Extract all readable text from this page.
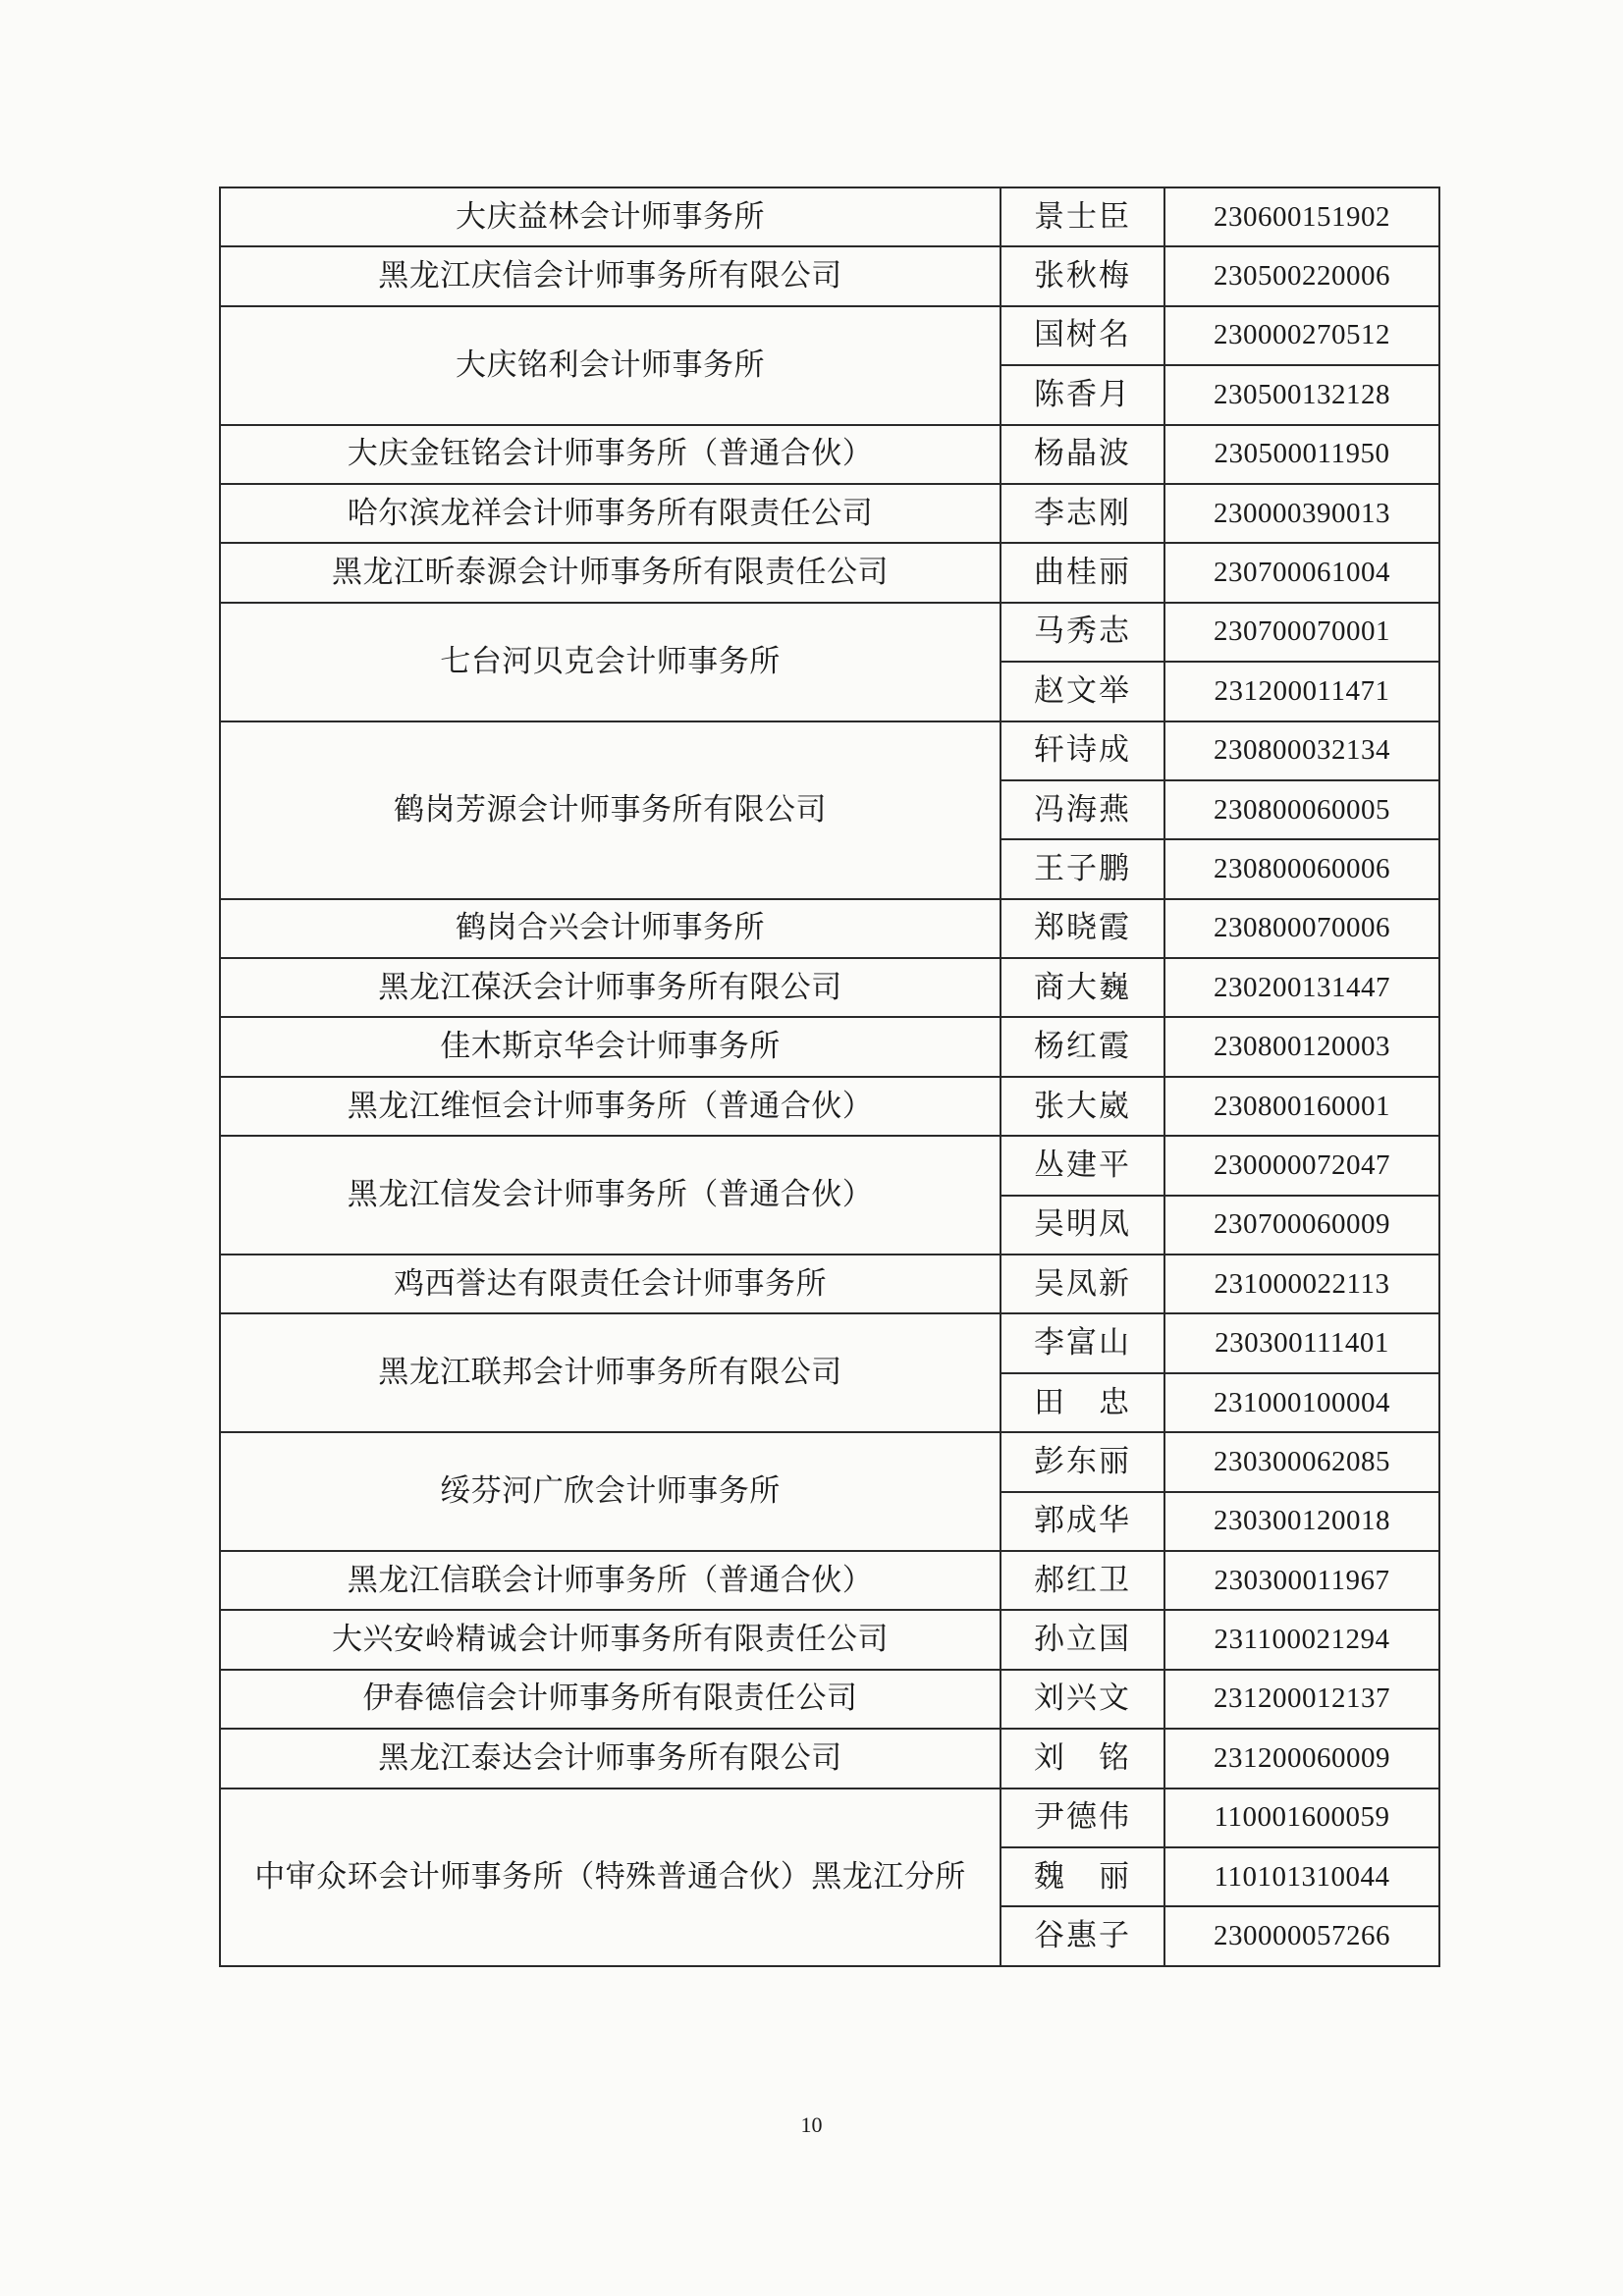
大庆益林会计师事务所	景士臣	230600151902
黑龙江庆信会计师事务所有限公司	张秋梅	230500220006
大庆铭利会计师事务所	国树名	230000270512
	陈香月	230500132128
大庆金钰铭会计师事务所（普通合伙）	杨晶波	230500011950
哈尔滨龙祥会计师事务所有限责任公司	李志刚	230000390013
黑龙江昕泰源会计师事务所有限责任公司	曲桂丽	230700061004
七台河贝克会计师事务所	马秀志	230700070001
	赵文举	231200011471
鹤岗芳源会计师事务所有限公司	轩诗成	230800032134
	冯海燕	230800060005
	王子鹏	230800060006
鹤岗合兴会计师事务所	郑晓霞	230800070006
黑龙江葆沃会计师事务所有限公司	商大巍	230200131447
佳木斯京华会计师事务所	杨红霞	230800120003
黑龙江维恒会计师事务所（普通合伙）	张大崴	230800160001
黑龙江信发会计师事务所（普通合伙）	丛建平	230000072047
	吴明凤	230700060009
鸡西誉达有限责任会计师事务所	吴凤新	231000022113
黑龙江联邦会计师事务所有限公司	李富山	230300111401
	田　忠	231000100004
绥芬河广欣会计师事务所	彭东丽	230300062085
	郭成华	230300120018
黑龙江信联会计师事务所（普通合伙）	郝红卫	230300011967
大兴安岭精诚会计师事务所有限责任公司	孙立国	231100021294
伊春德信会计师事务所有限责任公司	刘兴文	231200012137
黑龙江泰达会计师事务所有限公司	刘　铭	231200060009
中审众环会计师事务所（特殊普通合伙）黑龙江分所	尹德伟	110001600059
	魏　丽	110101310044
	谷惠子	230000057266
10
